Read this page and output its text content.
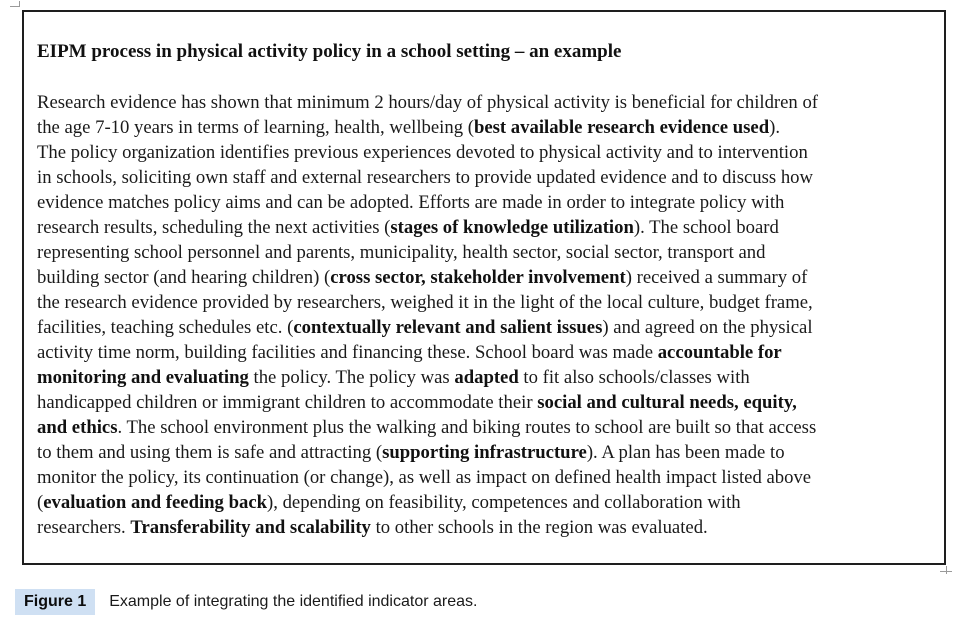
EIPM process in physical activity policy in a school setting – an example
Research evidence has shown that minimum 2 hours/day of physical activity is beneficial for children of
the age 7-10 years in terms of learning, health, wellbeing (best available research evidence used).
The policy organization identifies previous experiences devoted to physical activity and to intervention
in schools, soliciting own staff and external researchers to provide updated evidence and to discuss how
evidence matches policy aims and can be adopted. Efforts are made in order to integrate policy with
research results, scheduling the next activities (stages of knowledge utilization). The school board
representing school personnel and parents, municipality, health sector, social sector, transport and
building sector (and hearing children) (cross sector, stakeholder involvement) received a summary of
the research evidence provided by researchers, weighed it in the light of the local culture, budget frame,
facilities, teaching schedules etc. (contextually relevant and salient issues) and agreed on the physical
activity time norm, building facilities and financing these. School board was made accountable for
monitoring and evaluating the policy. The policy was adapted to fit also schools/classes with
handicapped children or immigrant children to accommodate their social and cultural needs, equity,
and ethics. The school environment plus the walking and biking routes to school are built so that access
to them and using them is safe and attracting (supporting infrastructure). A plan has been made to
monitor the policy, its continuation (or change), as well as impact on defined health impact listed above
(evaluation and feeding back), depending on feasibility, competences and collaboration with
researchers. Transferability and scalability to other schools in the region was evaluated.
Figure 1	Example of integrating the identified indicator areas.
